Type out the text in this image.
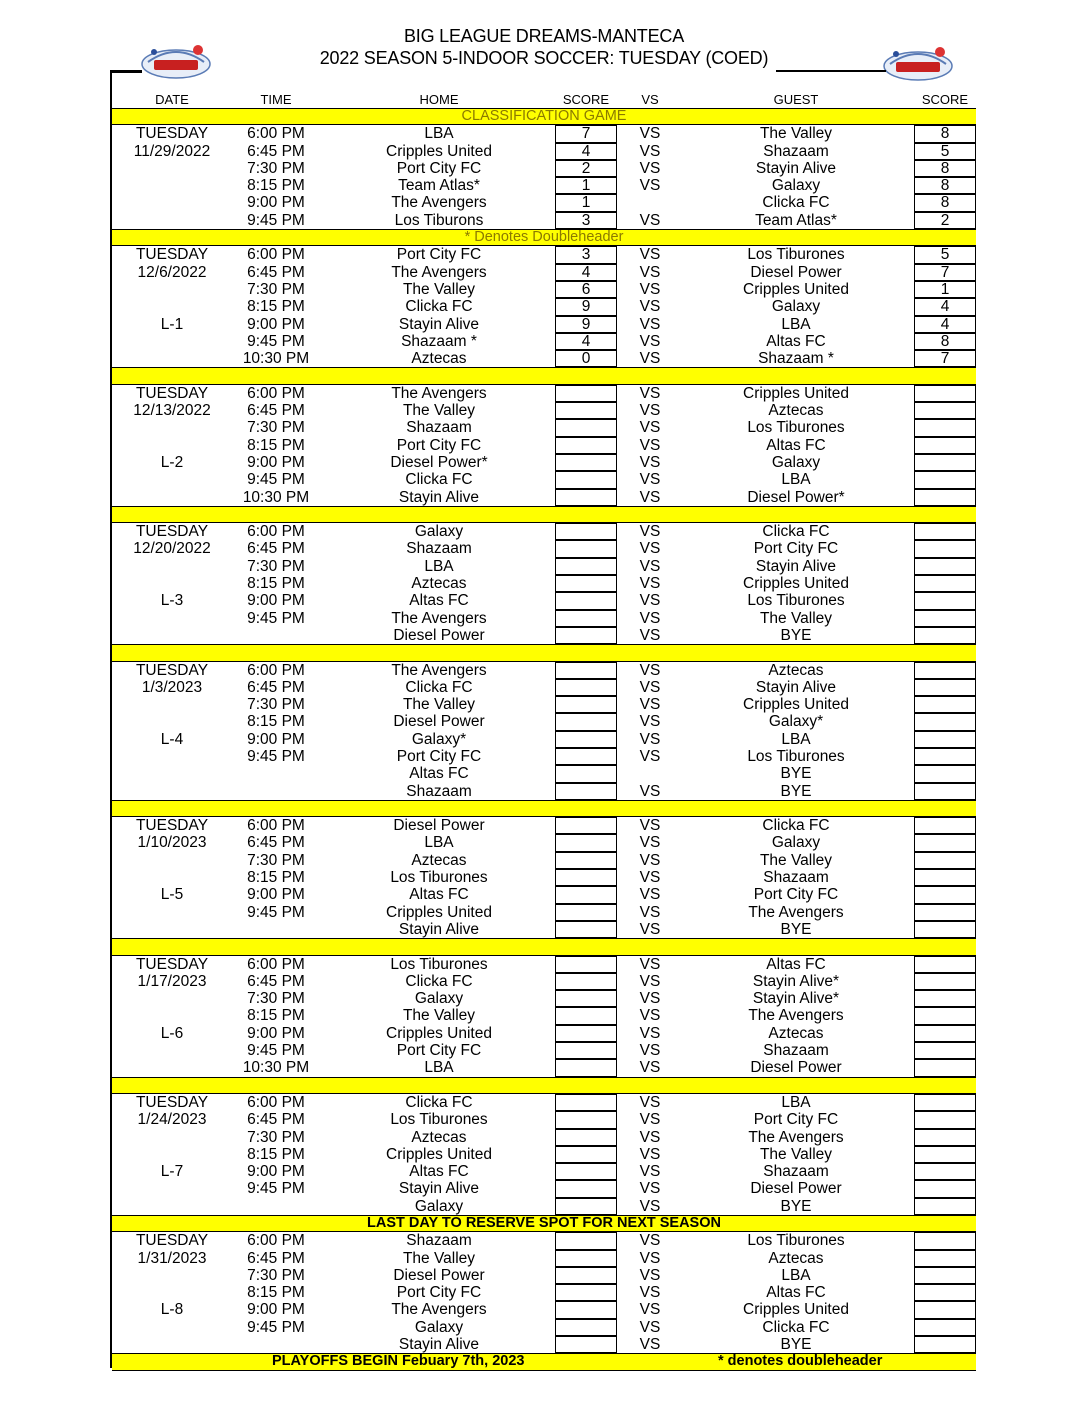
BIG LEAGUE DREAMS-MANTECA
2022 SEASON 5-INDOOR SOCCER: TUESDAY (COED)
DATE	TIME	HOME	SCORE	VS	GUEST	SCORE
CLASSIFICATION GAME
TUESDAY	6:00 PM	LBA	7	VS	The Valley	8
11/29/2022	6:45 PM	Cripples United	4	VS	Shazaam	5
7:30 PM	Port City FC	2	VS	Stayin Alive	8
8:15 PM	Team Atlas*	1	VS	Galaxy	8
9:00 PM	The Avengers	1	Clicka FC	8
9:45 PM	Los Tiburons	3	VS	Team Atlas*	2
* Denotes Doubleheader
TUESDAY	6:00 PM	Port City FC	3	VS	Los Tiburones	5
12/6/2022	6:45 PM	The Avengers	4	VS	Diesel Power	7
7:30 PM	The Valley	6	VS	Cripples United	1
8:15 PM	Clicka FC	9	VS	Galaxy	4
L-1	9:00 PM	Stayin Alive	9	VS	LBA	4
9:45 PM	Shazaam *	4	VS	Altas FC	8
10:30 PM	Aztecas	0	VS	Shazaam *	7
TUESDAY	6:00 PM	The Avengers	VS	Cripples United
12/13/2022	6:45 PM	The Valley	VS	Aztecas
7:30 PM	Shazaam	VS	Los Tiburones
8:15 PM	Port City FC	VS	Altas FC
L-2	9:00 PM	Diesel Power*	VS	Galaxy
9:45 PM	Clicka FC	VS	LBA
10:30 PM	Stayin Alive	VS	Diesel Power*
TUESDAY	6:00 PM	Galaxy	VS	Clicka FC
12/20/2022	6:45 PM	Shazaam	VS	Port City FC
7:30 PM	LBA	VS	Stayin Alive
8:15 PM	Aztecas	VS	Cripples United
L-3	9:00 PM	Altas FC	VS	Los Tiburones
9:45 PM	The Avengers	VS	The Valley
Diesel Power	VS	BYE
TUESDAY	6:00 PM	The Avengers	VS	Aztecas
1/3/2023	6:45 PM	Clicka FC	VS	Stayin Alive
7:30 PM	The Valley	VS	Cripples United
8:15 PM	Diesel Power	VS	Galaxy*
L-4	9:00 PM	Galaxy*	VS	LBA
9:45 PM	Port City FC	VS	Los Tiburones
Altas FC	BYE
Shazaam	VS	BYE
TUESDAY	6:00 PM	Diesel Power	VS	Clicka FC
1/10/2023	6:45 PM	LBA	VS	Galaxy
7:30 PM	Aztecas	VS	The Valley
8:15 PM	Los Tiburones	VS	Shazaam
L-5	9:00 PM	Altas FC	VS	Port City FC
9:45 PM	Cripples United	VS	The Avengers
Stayin Alive	VS	BYE
TUESDAY	6:00 PM	Los Tiburones	VS	Altas FC
1/17/2023	6:45 PM	Clicka FC	VS	Stayin Alive*
7:30 PM	Galaxy	VS	Stayin Alive*
8:15 PM	The Valley	VS	The Avengers
L-6	9:00 PM	Cripples United	VS	Aztecas
9:45 PM	Port City FC	VS	Shazaam
10:30 PM	LBA	VS	Diesel Power
TUESDAY	6:00 PM	Clicka FC	VS	LBA
1/24/2023	6:45 PM	Los Tiburones	VS	Port City FC
7:30 PM	Aztecas	VS	The Avengers
8:15 PM	Cripples United	VS	The Valley
L-7	9:00 PM	Altas FC	VS	Shazaam
9:45 PM	Stayin Alive	VS	Diesel Power
Galaxy	VS	BYE
LAST DAY TO RESERVE SPOT FOR NEXT SEASON
TUESDAY	6:00 PM	Shazaam	VS	Los Tiburones
1/31/2023	6:45 PM	The Valley	VS	Aztecas
7:30 PM	Diesel Power	VS	LBA
8:15 PM	Port City FC	VS	Altas FC
L-8	9:00 PM	The Avengers	VS	Cripples United
9:45 PM	Galaxy	VS	Clicka FC
Stayin Alive	VS	BYE
PLAYOFFS BEGIN Febuary 7th, 2023	* denotes doubleheader
